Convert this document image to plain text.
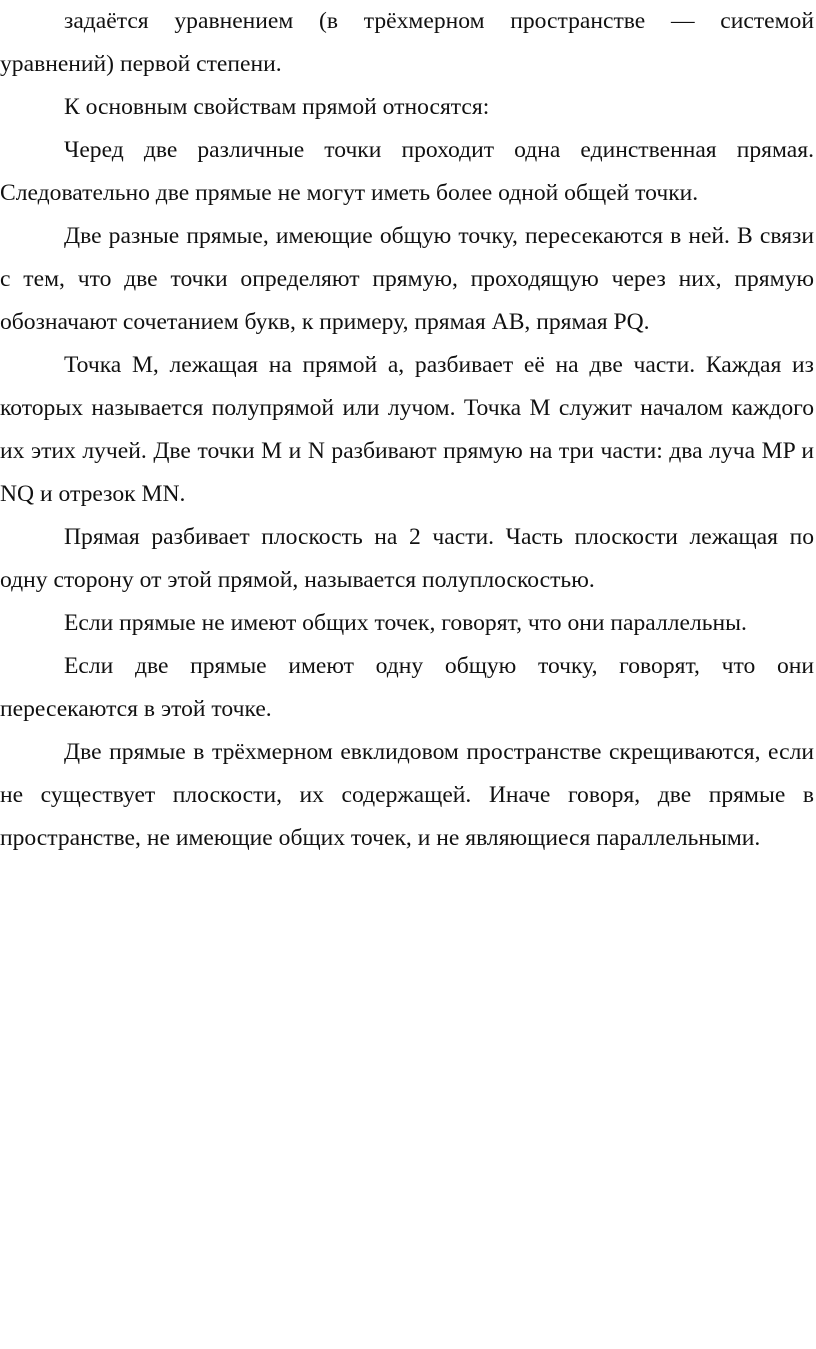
задаётся уравнением (в трёхмерном пространстве — системой уравнений) первой степени.

К основным свойствам прямой относятся:

Черед две различные точки проходит одна единственная прямая. Следовательно две прямые не могут иметь более одной общей точки.

Две разные прямые, имеющие общую точку, пересекаются в ней. В связи с тем, что две точки определяют прямую, проходящую через них, прямую обозначают сочетанием букв, к примеру, прямая AB, прямая PQ.

Точка M, лежащая на прямой a, разбивает её на две части. Каждая из которых называется полупрямой или лучом. Точка M служит началом каждого их этих лучей. Две точки M и N разбивают прямую на три части: два луча MP и NQ и отрезок MN.

Прямая разбивает плоскость на 2 части. Часть плоскости лежащая по одну сторону от этой прямой, называется полуплоскостью.

Если прямые не имеют общих точек, говорят, что они параллельны.

Если две прямые имеют одну общую точку, говорят, что они пересекаются в этой точке.

Две прямые в трёхмерном евклидовом пространстве скрещиваются, если не существует плоскости, их содержащей. Иначе говоря, две прямые в пространстве, не имеющие общих точек, и не являющиеся параллельными.
